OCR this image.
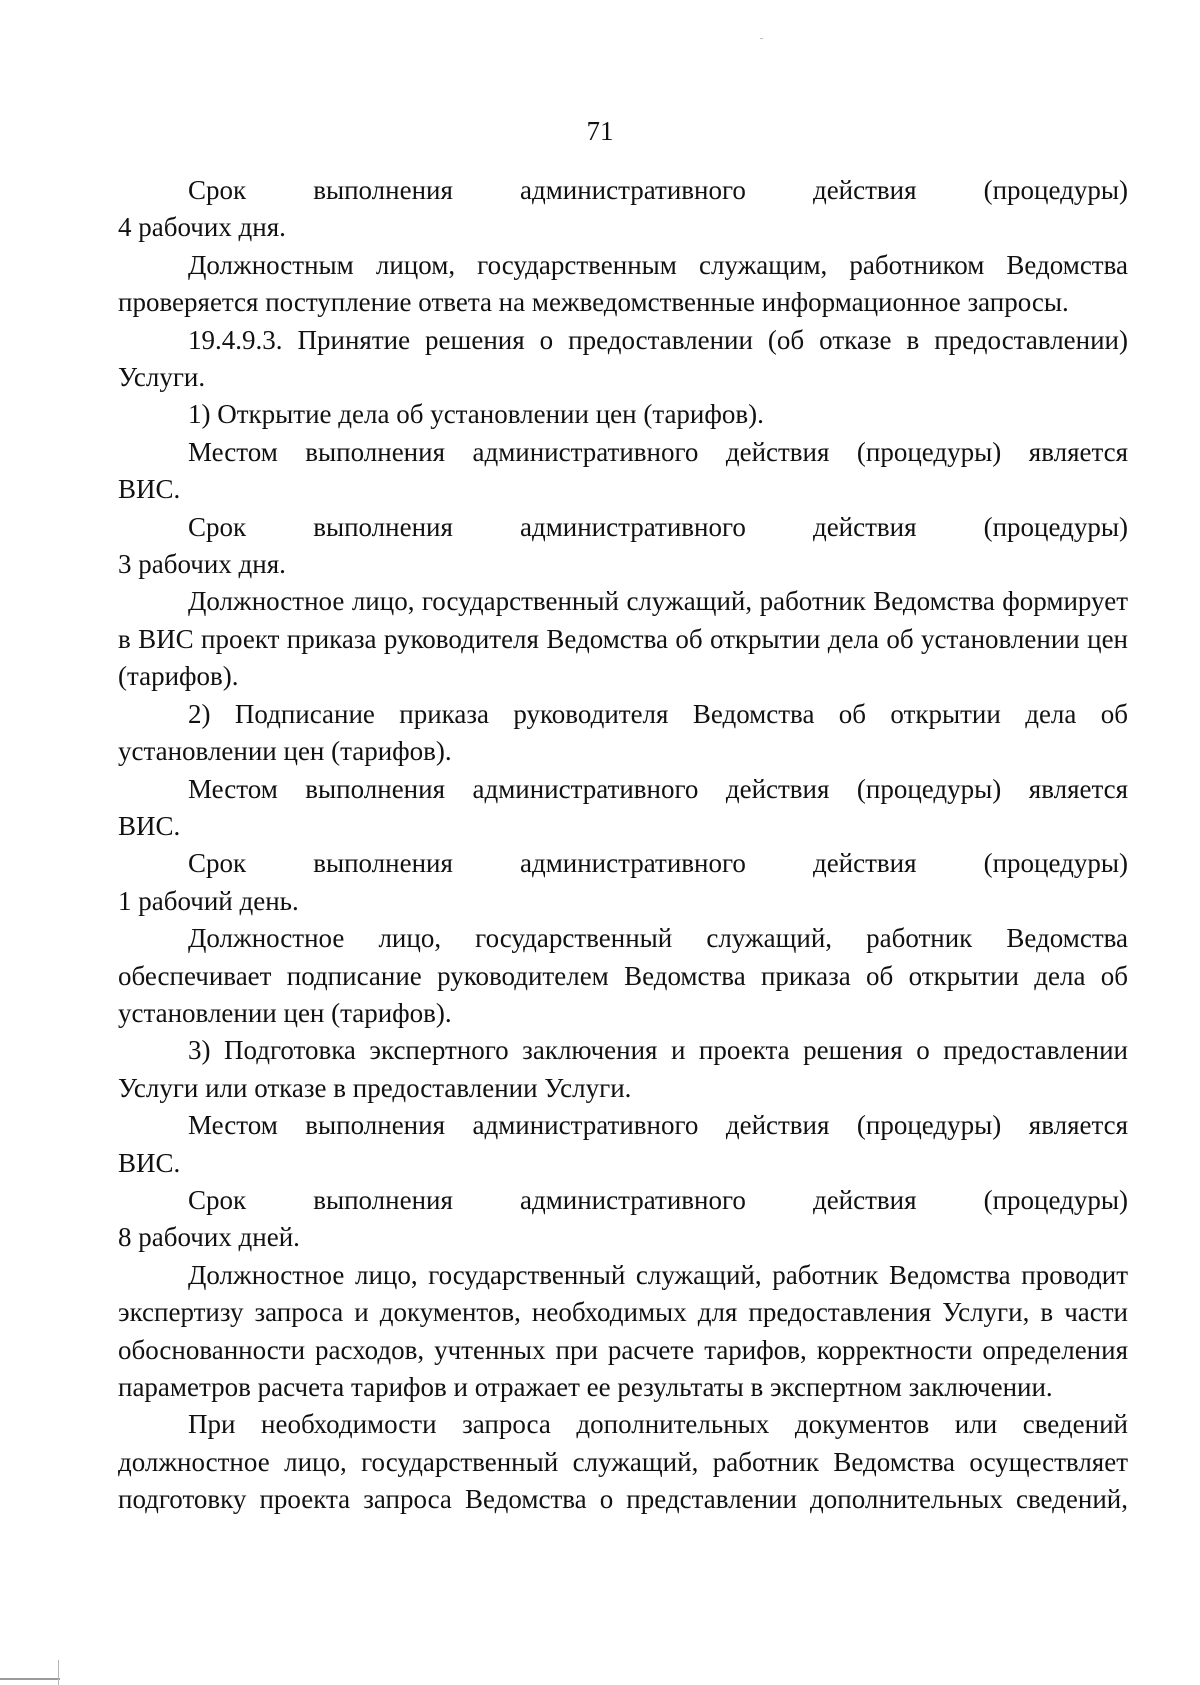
71

Срок выполнения административного действия (процедуры)

4 рабочих дня.

Должностным лицом, государственным служащим, работником Ведомства проверяется поступление ответа на межведомственные информационное запросы.

19.4.9.3. Принятие решения о предоставлении (об отказе в предоставлении) Услуги.

1) Открытие дела об установлении цен (тарифов).

Местом выполнения административного действия (процедуры) является

ВИС.

Срок выполнения административного действия (процедуры)

3 рабочих дня.

Должностное лицо, государственный служащий, работник Ведомства формирует в ВИС проект приказа руководителя Ведомства об открытии дела об установлении цен (тарифов).

2) Подписание приказа руководителя Ведомства об открытии дела об установлении цен (тарифов).

Местом выполнения административного действия (процедуры) является

ВИС.

Срок выполнения административного действия (процедуры)

1 рабочий день.

Должностное лицо, государственный служащий, работник Ведомства обеспечивает подписание руководителем Ведомства приказа об открытии дела об установлении цен (тарифов).

3) Подготовка экспертного заключения и проекта решения о предоставлении Услуги или отказе в предоставлении Услуги.

Местом выполнения административного действия (процедуры) является

ВИС.

Срок выполнения административного действия (процедуры)

8 рабочих дней.

Должностное лицо, государственный служащий, работник Ведомства проводит экспертизу запроса и документов, необходимых для предоставления Услуги, в части обоснованности расходов, учтенных при расчете тарифов, корректности определения параметров расчета тарифов и отражает ее результаты в экспертном заключении.

При необходимости запроса дополнительных документов или сведений должностное лицо, государственный служащий, работник Ведомства осуществляет подготовку проекта запроса Ведомства о представлении дополнительных сведений,
